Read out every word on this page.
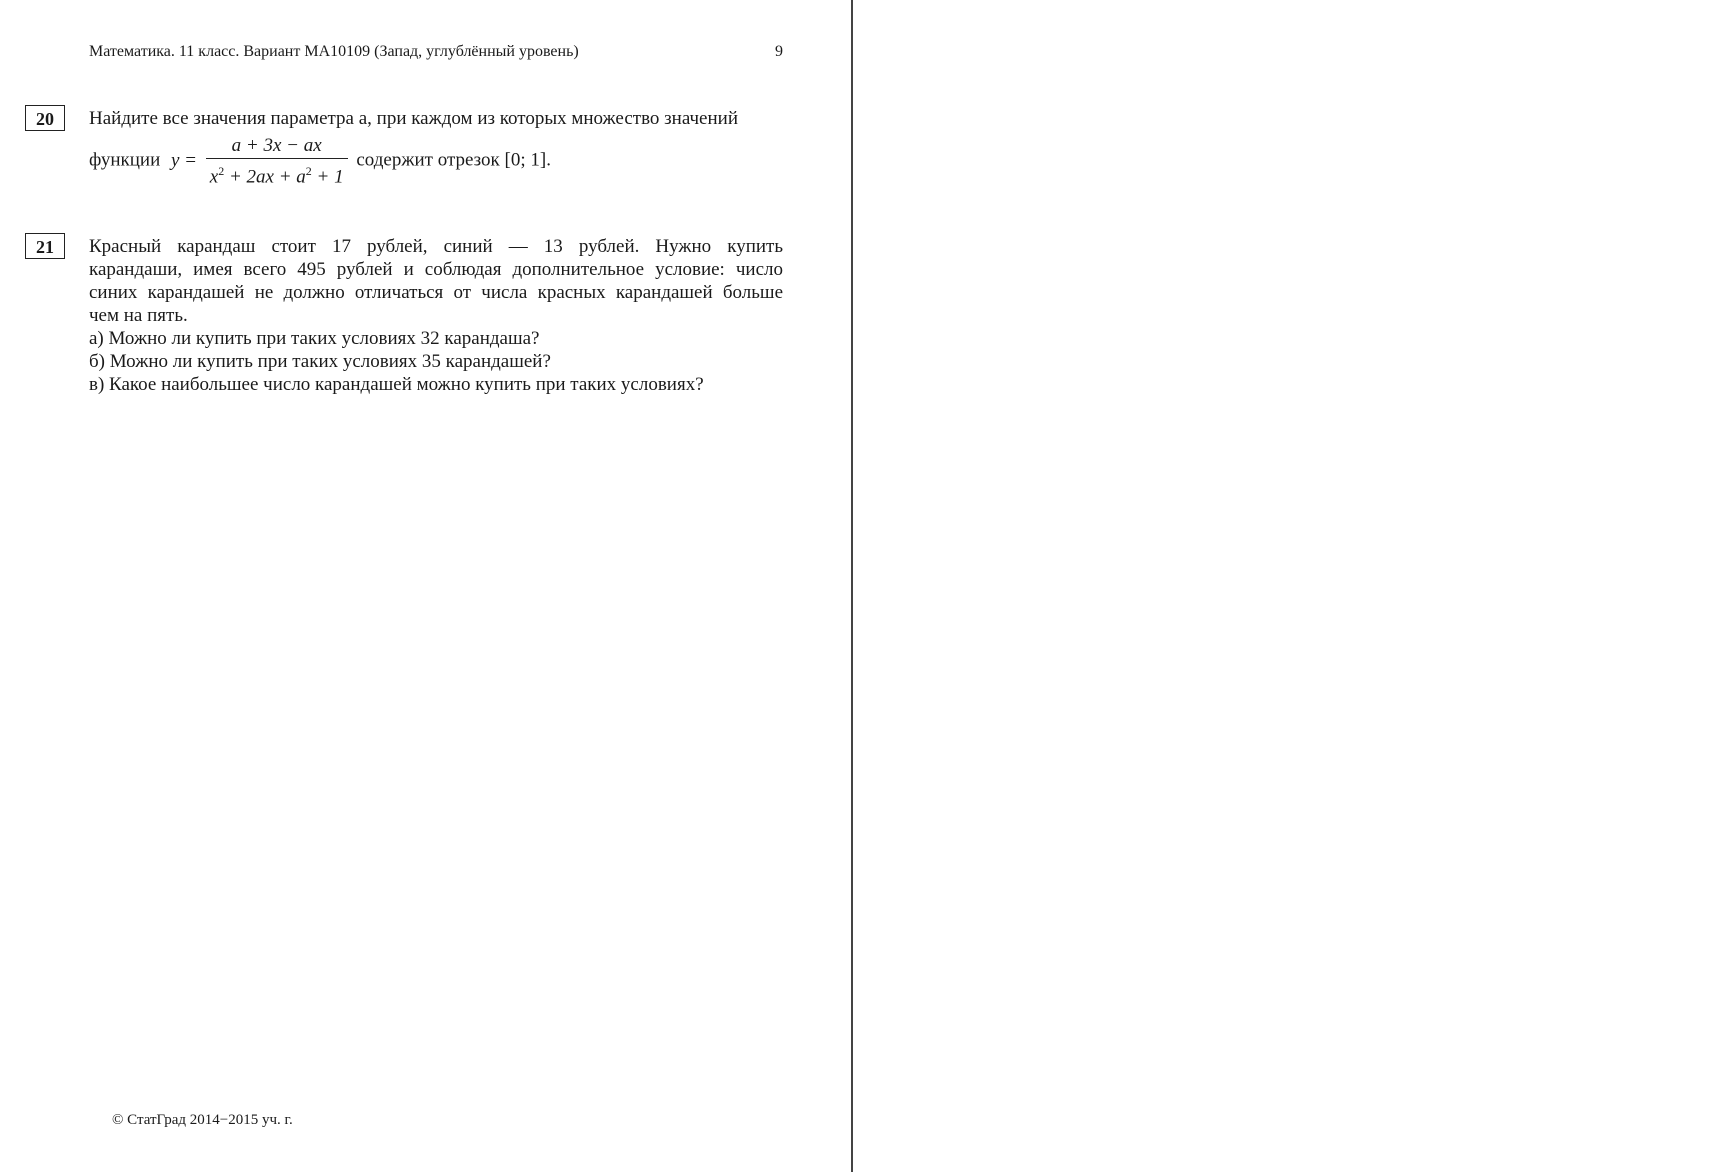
Математика. 11 класс. Вариант МА10109 (Запад, углублённый уровень)	9
20	Найдите все значения параметра a, при каждом из которых множество значений
функции $y = \frac{a + 3x - ax}{x^2 + 2ax + a^2 + 1}$ содержит отрезок [0; 1].
21	Красный карандаш стоит 17 рублей, синий — 13 рублей. Нужно купить
карандаши, имея всего 495 рублей и соблюдая дополнительное условие: число
синих карандашей не должно отличаться от числа красных карандашей больше
чем на пять.
а) Можно ли купить при таких условиях 32 карандаша?
б) Можно ли купить при таких условиях 35 карандашей?
в) Какое наибольшее число карандашей можно купить при таких условиях?
© СтатГрад 2014−2015 уч. г.
